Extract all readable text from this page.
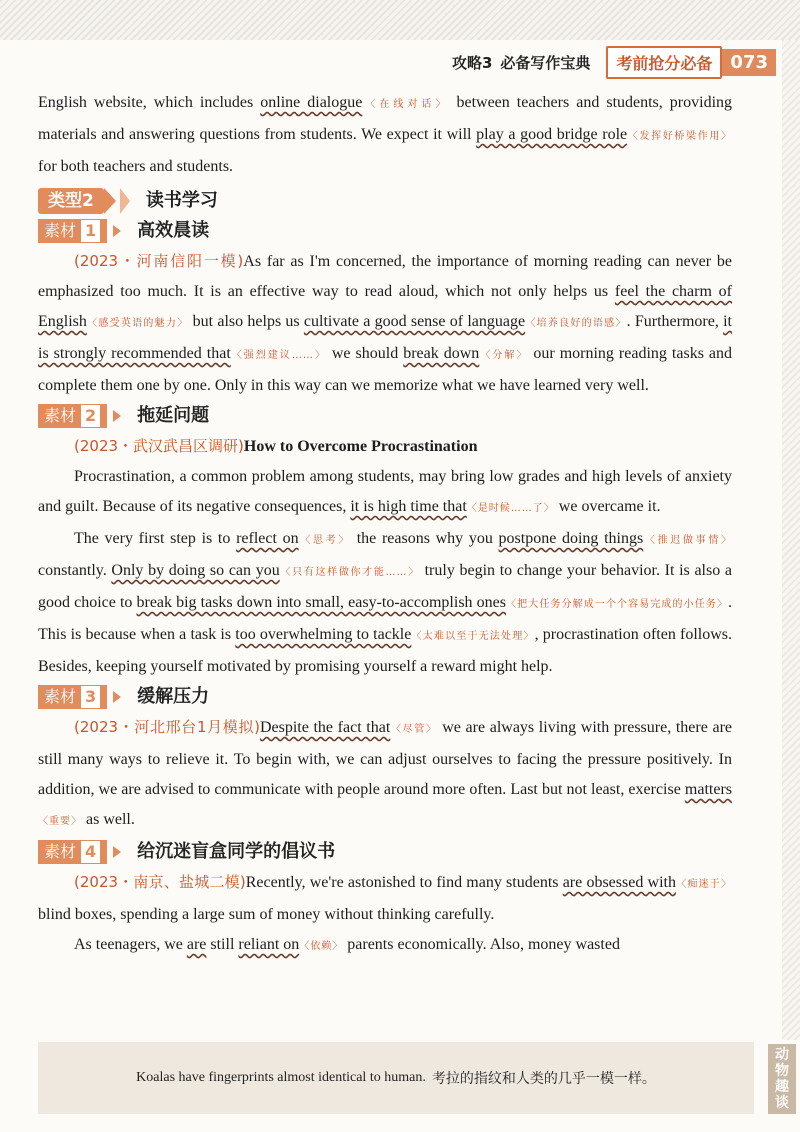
攻略3 必备写作宝典	考前抢分必备	073

English website, which includes online dialogue〈在线对话〉 between teachers and students, providing materials and answering questions from students. We expect it will play a good bridge role〈发挥好桥梁作用〉 for both teachers and students.

类型2	读书学习
素材 1 高效晨读

(2023・河南信阳一模)As far as I'm concerned, the importance of morning reading can never be emphasized too much. It is an effective way to read aloud, which not only helps us feel the charm of English〈感受英语的魅力〉 but also helps us cultivate a good sense of language〈培养良好的语感〉. Furthermore, it is strongly recommended that〈强烈建议……〉 we should break down〈分解〉 our morning reading tasks and complete them one by one. Only in this way can we memorize what we have learned very well.

素材 2 拖延问题

(2023・武汉武昌区调研)How to Overcome Procrastination

Procrastination, a common problem among students, may bring low grades and high levels of anxiety and guilt. Because of its negative consequences, it is high time that〈是时候……了〉 we overcame it.

The very first step is to reflect on〈思考〉 the reasons why you postpone doing things〈推迟做事情〉 constantly. Only by doing so can you〈只有这样做你才能……〉 truly begin to change your behavior. It is also a good choice to break big tasks down into small, easy-to-accomplish ones〈把大任务分解成一个个容易完成的小任务〉. This is because when a task is too overwhelming to tackle〈太难以至于无法处理〉, procrastination often follows. Besides, keeping yourself motivated by promising yourself a reward might help.

素材 3 缓解压力

(2023・河北邢台1月模拟)Despite the fact that〈尽管〉 we are always living with pressure, there are still many ways to relieve it. To begin with, we can adjust ourselves to facing the pressure positively. In addition, we are advised to communicate with people around more often. Last but not least, exercise matters〈重要〉 as well.

素材 4 给沉迷盲盒同学的倡议书

(2023・南京、盐城二模)Recently, we're astonished to find many students are obsessed with〈痴迷于〉 blind boxes, spending a large sum of money without thinking carefully.

As teenagers, we are still reliant on〈依赖〉 parents economically. Also, money wasted

Koalas have fingerprints almost identical to human. 考拉的指纹和人类的几乎一模一样。
动
物
趣
谈
